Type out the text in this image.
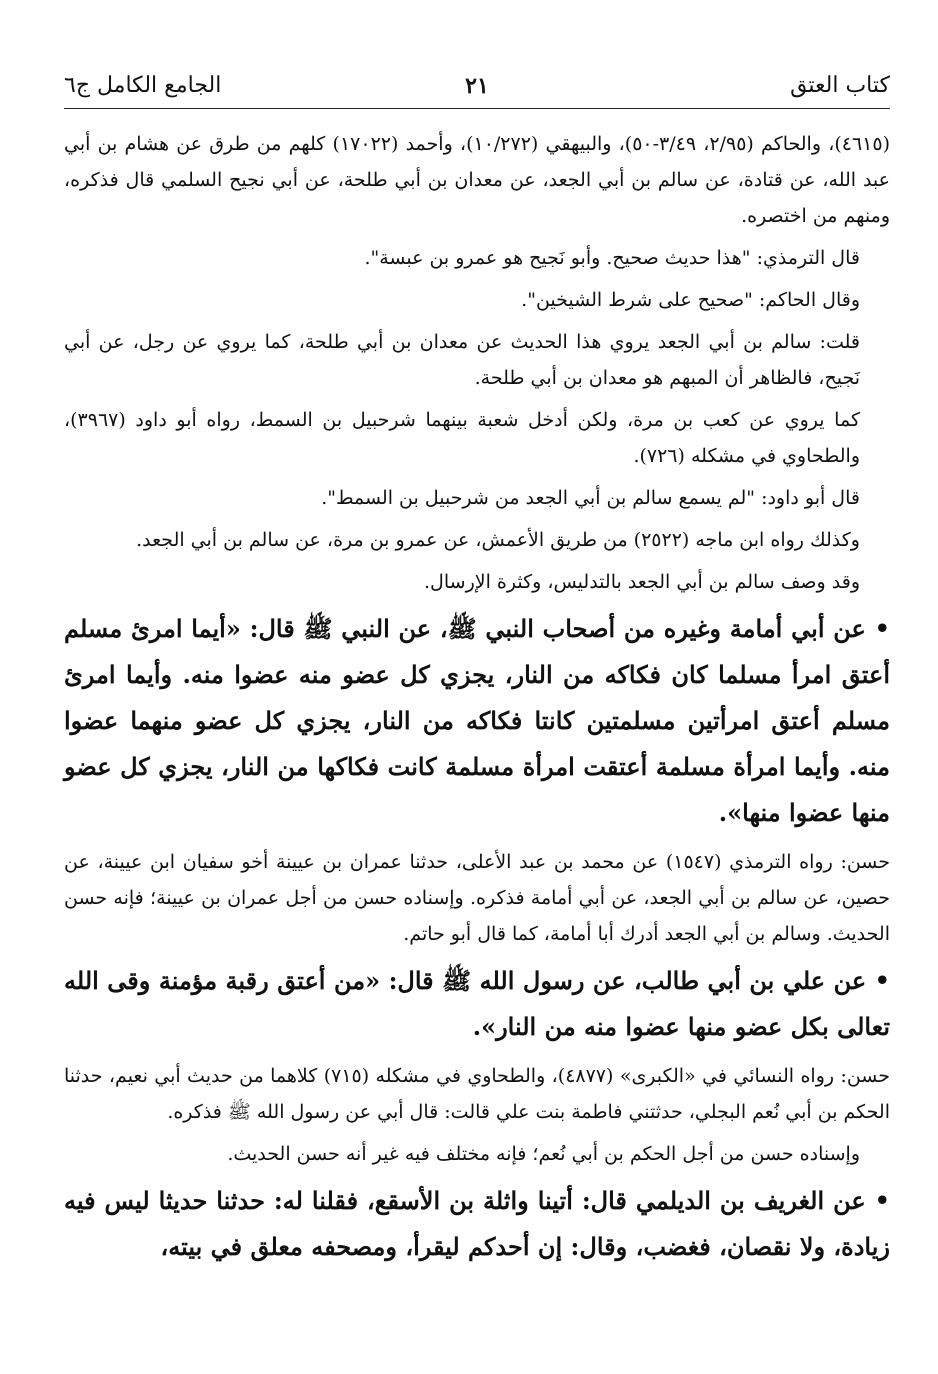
كتاب العتق
٢١
الجامع الكامل ج٦

(٤٦١٥)، والحاكم (٢/٩٥، ٣/٤٩-٥٠)، والبيهقي (١٠/٢٧٢)، وأحمد (١٧٠٢٢) كلهم من طرق عن هشام بن أبي عبد الله، عن قتادة، عن سالم بن أبي الجعد، عن معدان بن أبي طلحة، عن أبي نجيح السلمي قال فذكره، ومنهم من اختصره.

قال الترمذي: "هذا حديث صحيح. وأبو نَجيح هو عمرو بن عبسة".

وقال الحاكم: "صحيح على شرط الشيخين".

قلت: سالم بن أبي الجعد يروي هذا الحديث عن معدان بن أبي طلحة، كما يروي عن رجل، عن أبي نَجيح، فالظاهر أن المبهم هو معدان بن أبي طلحة.

كما يروي عن كعب بن مرة، ولكن أدخل شعبة بينهما شرحبيل بن السمط، رواه أبو داود (٣٩٦٧)، والطحاوي في مشكله (٧٢٦).

قال أبو داود: "لم يسمع سالم بن أبي الجعد من شرحبيل بن السمط".

وكذلك رواه ابن ماجه (٢٥٢٢) من طريق الأعمش، عن عمرو بن مرة، عن سالم بن أبي الجعد.

وقد وصف سالم بن أبي الجعد بالتدليس، وكثرة الإرسال.

• عن أبي أمامة وغيره من أصحاب النبي ﷺ، عن النبي ﷺ قال: «أيما امرئ مسلم أعتق امرأ مسلما كان فكاكه من النار، يجزي كل عضو منه عضوا منه. وأيما امرئ مسلم أعتق امرأتين مسلمتين كانتا فكاكه من النار، يجزي كل عضو منهما عضوا منه. وأيما امرأة مسلمة أعتقت امرأة مسلمة كانت فكاكها من النار، يجزي كل عضو منها عضوا منها».

حسن: رواه الترمذي (١٥٤٧) عن محمد بن عبد الأعلى، حدثنا عمران بن عيينة أخو سفيان ابن عيينة، عن حصين، عن سالم بن أبي الجعد، عن أبي أمامة فذكره. وإسناده حسن من أجل عمران بن عيينة؛ فإنه حسن الحديث. وسالم بن أبي الجعد أدرك أبا أمامة، كما قال أبو حاتم.

• عن علي بن أبي طالب، عن رسول الله ﷺ قال: «من أعتق رقبة مؤمنة وقى الله تعالى بكل عضو منها عضوا منه من النار».

حسن: رواه النسائي في «الكبرى» (٤٨٧٧)، والطحاوي في مشكله (٧١٥) كلاهما من حديث أبي نعيم، حدثنا الحكم بن أبي نُعم البجلي، حدثتني فاطمة بنت علي قالت: قال أبي عن رسول الله ﷺ فذكره.

وإسناده حسن من أجل الحكم بن أبي نُعم؛ فإنه مختلف فيه غير أنه حسن الحديث.

• عن الغريف بن الديلمي قال: أتينا واثلة بن الأسقع، فقلنا له: حدثنا حديثا ليس فيه زيادة، ولا نقصان، فغضب، وقال: إن أحدكم ليقرأ، ومصحفه معلق في بيته،
